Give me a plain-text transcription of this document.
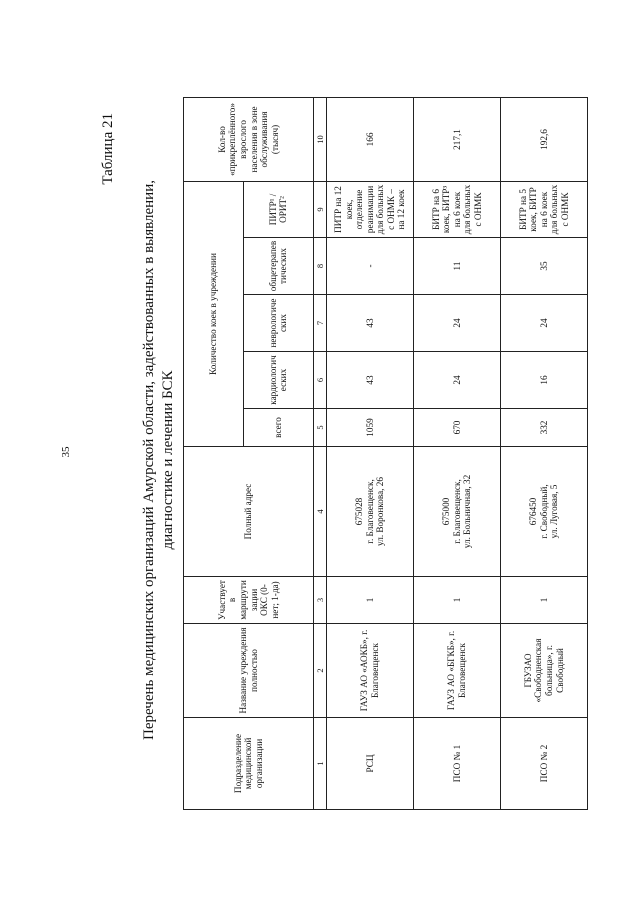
35
Таблица 21
Перечень медицинских организаций Амурской области, задействованных в выявлении, диагностике и лечении БСК
Подразделение медицинской организации	Название учреждения полностью	Участвует в маршрутизации ОКС (0-нет; 1-да)	Полный адрес	Количество коек в учреждении					Кол-во «прикреплённого» взрослого населения в зоне обслуживания (тысяч)
				всего	кардиологических	неврологических	общетерапевтических	ПИТР¹ /ОРИТ²	
1	2	3	4	5	6	7	8	9	10
РСЦ	ГАУЗ АО «АОКБ», г. Благовещенск	1	675028 г. Благовещенск, ул. Воронкова, 26	1059	43	43	-	ПИТР на 12 коек, отделение реанимации для больных с ОНМК – на 12 коек	166
ПСО № 1	ГАУЗ АО «БГКБ», г. Благовещенск	1	675000 г. Благовещенск, ул. Больничная, 32	670	24	24	11	БИТР на 6 коек, БИТР³ на 6 коек для больных с ОНМК	217,1
ПСО № 2	ГБУЗАО «Свободненская больница», г. Свободный	1	676450 г. Свободный, ул. Луговая, 5	332	16	24	35	БИТР на 5 коек, БИТР на 6 коек для больных с ОНМК	192,6
